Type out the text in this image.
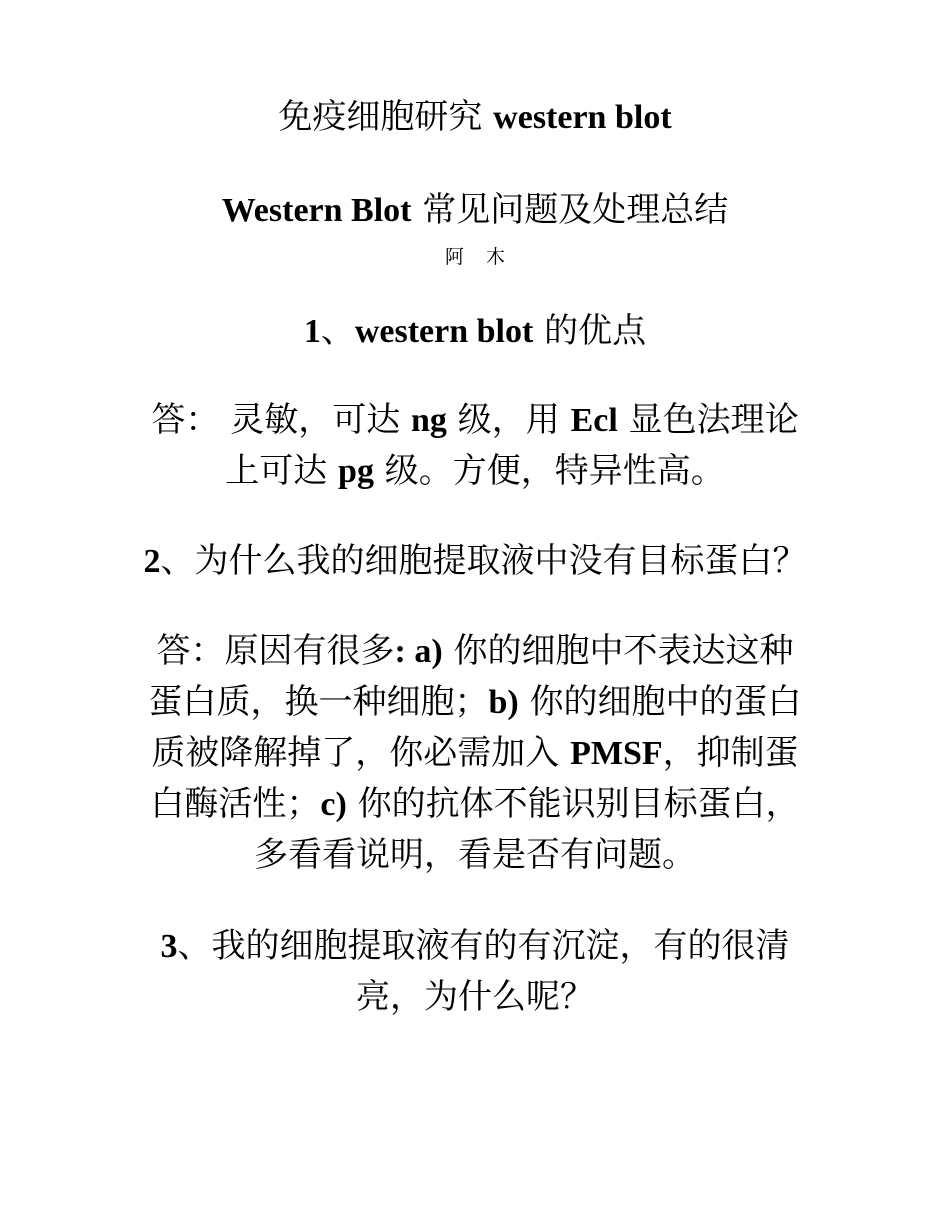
免疫细胞研究 western blot

Western Blot 常见问题及处理总结

阿木

1、western blot 的优点

答： 灵敏，可达 ng 级，用 Ecl 显色法理论上可达 pg 级。方便，特异性高。

2、为什么我的细胞提取液中没有目标蛋白？

答：原因有很多: a) 你的细胞中不表达这种蛋白质，换一种细胞；b) 你的细胞中的蛋白质被降解掉了，你必需加入 PMSF，抑制蛋白酶活性；c) 你的抗体不能识别目标蛋白，多看看说明，看是否有问题。

3、我的细胞提取液有的有沉淀，有的很清亮，为什么呢？
